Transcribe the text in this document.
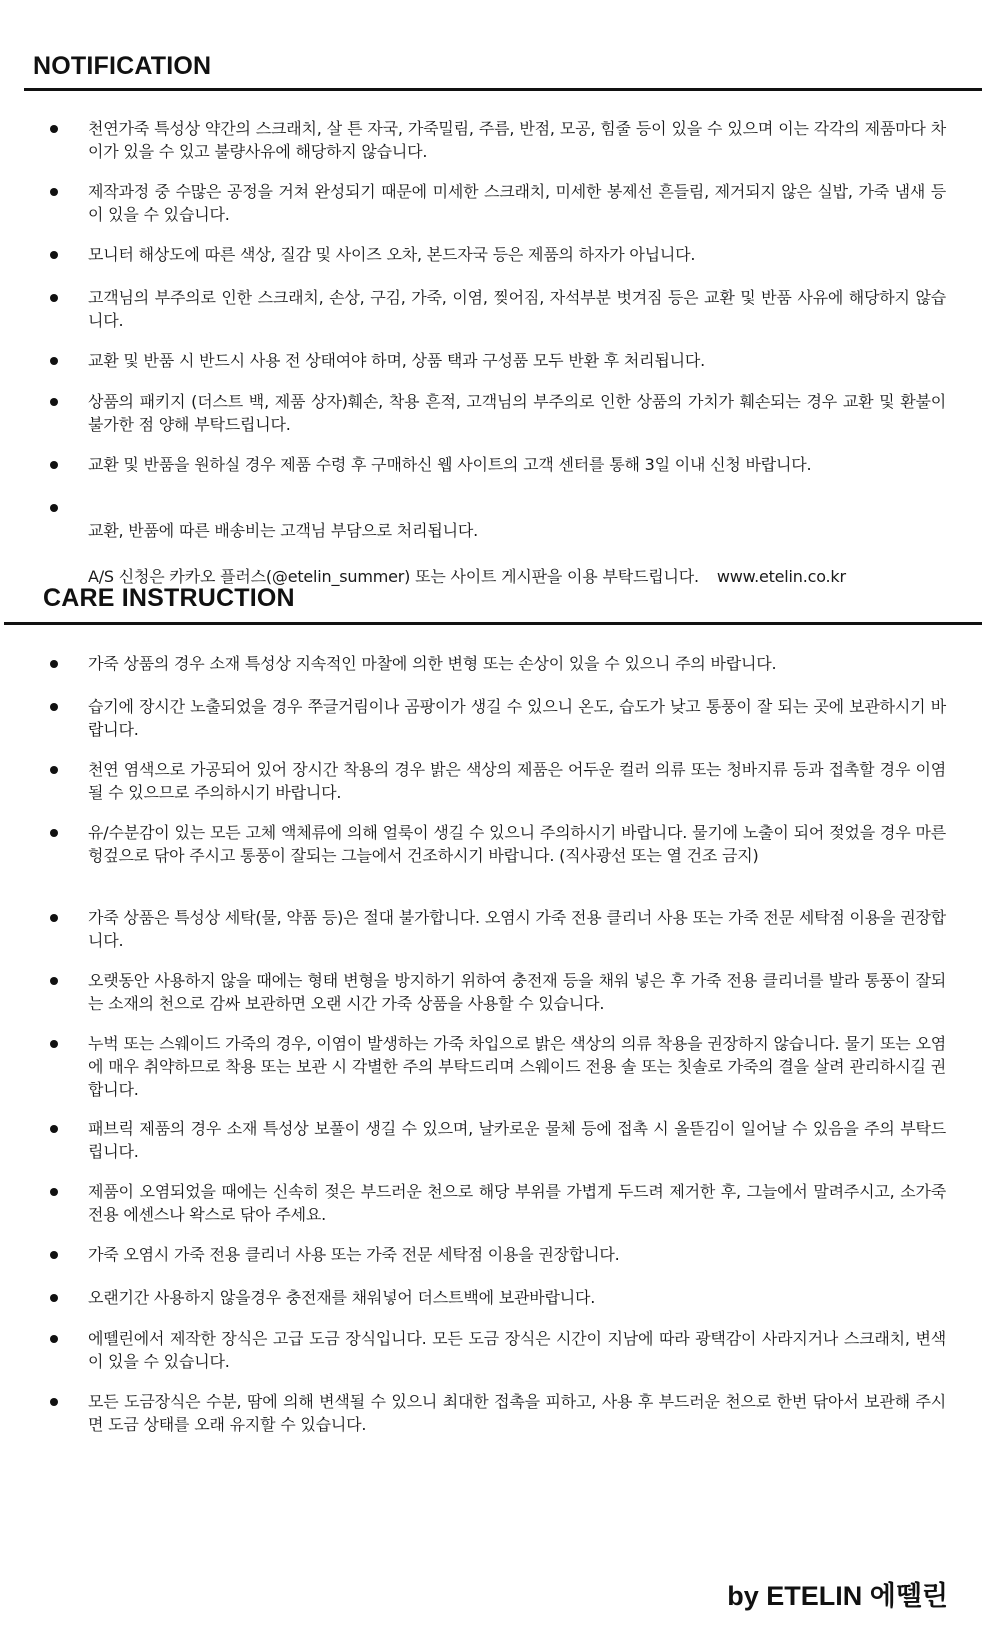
NOTIFICATION
천연가죽 특성상 약간의 스크래치, 살 튼 자국, 가죽밀림, 주름, 반점, 모공, 힘줄 등이 있을 수 있으며 이는 각각의 제품마다 차이가 있을 수 있고 불량사유에 해당하지 않습니다.
제작과정 중 수많은 공정을 거쳐 완성되기 때문에 미세한 스크래치, 미세한 봉제선 흔들림, 제거되지 않은 실밥, 가죽 냄새 등이 있을 수 있습니다.
모니터 해상도에 따른 색상, 질감 및 사이즈 오차, 본드자국 등은 제품의 하자가 아닙니다.
고객님의 부주의로 인한 스크래치, 손상, 구김, 가죽, 이염, 찢어짐, 자석부분 벗겨짐 등은 교환 및 반품 사유에 해당하지 않습니다.
교환 및 반품 시 반드시 사용 전 상태여야 하며, 상품 택과 구성품 모두 반환 후 처리됩니다.
상품의 패키지 (더스트 백, 제품 상자)훼손, 착용 흔적, 고객님의 부주의로 인한 상품의 가치가 훼손되는 경우 교환 및 환불이 불가한 점 양해 부탁드립니다.
교환 및 반품을 원하실 경우 제품 수령 후 구매하신 웹 사이트의 고객 센터를 통해 3일 이내 신청 바랍니다.

교환, 반품에 따른 배송비는 고객님 부담으로 처리됩니다.

A/S 신청은 카카오 플러스(@etelin_summer) 또는 사이트 게시판을 이용 부탁드립니다. www.etelin.co.kr

CARE INSTRUCTION
가죽 상품의 경우 소재 특성상 지속적인 마찰에 의한 변형 또는 손상이 있을 수 있으니 주의 바랍니다.
습기에 장시간 노출되었을 경우 쭈글거림이나 곰팡이가 생길 수 있으니 온도, 습도가 낮고 통풍이 잘 되는 곳에 보관하시기 바랍니다.
천연 염색으로 가공되어 있어 장시간 착용의 경우 밝은 색상의 제품은 어두운 컬러 의류 또는 청바지류 등과 접촉할 경우 이염될 수 있으므로 주의하시기 바랍니다.
유/수분감이 있는 모든 고체 액체류에 의해 얼룩이 생길 수 있으니 주의하시기 바랍니다. 물기에 노출이 되어 젖었을 경우 마른 헝겊으로 닦아 주시고 통풍이 잘되는 그늘에서 건조하시기 바랍니다. (직사광선 또는 열 건조 금지)
가죽 상품은 특성상 세탁(물, 약품 등)은 절대 불가합니다. 오염시 가죽 전용 클리너 사용 또는 가죽 전문 세탁점 이용을 권장합니다.
오랫동안 사용하지 않을 때에는 형태 변형을 방지하기 위하여 충전재 등을 채워 넣은 후 가죽 전용 클리너를 발라 통풍이 잘되는 소재의 천으로 감싸 보관하면 오랜 시간 가죽 상품을 사용할 수 있습니다.
누벅 또는 스웨이드 가죽의 경우, 이염이 발생하는 가죽 차입으로 밝은 색상의 의류 착용을 권장하지 않습니다. 물기 또는 오염에 매우 취약하므로 착용 또는 보관 시 각별한 주의 부탁드리며 스웨이드 전용 솔 또는 칫솔로 가죽의 결을 살려 관리하시길 권합니다.
패브릭 제품의 경우 소재 특성상 보풀이 생길 수 있으며, 날카로운 물체 등에 접촉 시 올뜯김이 일어날 수 있음을 주의 부탁드립니다.
제품이 오염되었을 때에는 신속히 젖은 부드러운 천으로 해당 부위를 가볍게 두드려 제거한 후, 그늘에서 말려주시고, 소가죽 전용 에센스나 왁스로 닦아 주세요.
가죽 오염시 가죽 전용 클리너 사용 또는 가죽 전문 세탁점 이용을 권장합니다.
오랜기간 사용하지 않을경우 충전재를 채워넣어 더스트백에 보관바랍니다.
에뗄린에서 제작한 장식은 고급 도금 장식입니다. 모든 도금 장식은 시간이 지남에 따라 광택감이 사라지거나 스크래치, 변색이 있을 수 있습니다.
모든 도금장식은 수분, 땀에 의해 변색될 수 있으니 최대한 접촉을 피하고, 사용 후 부드러운 천으로 한번 닦아서 보관해 주시면 도금 상태를 오래 유지할 수 있습니다.

by ETELIN 에뗄린
